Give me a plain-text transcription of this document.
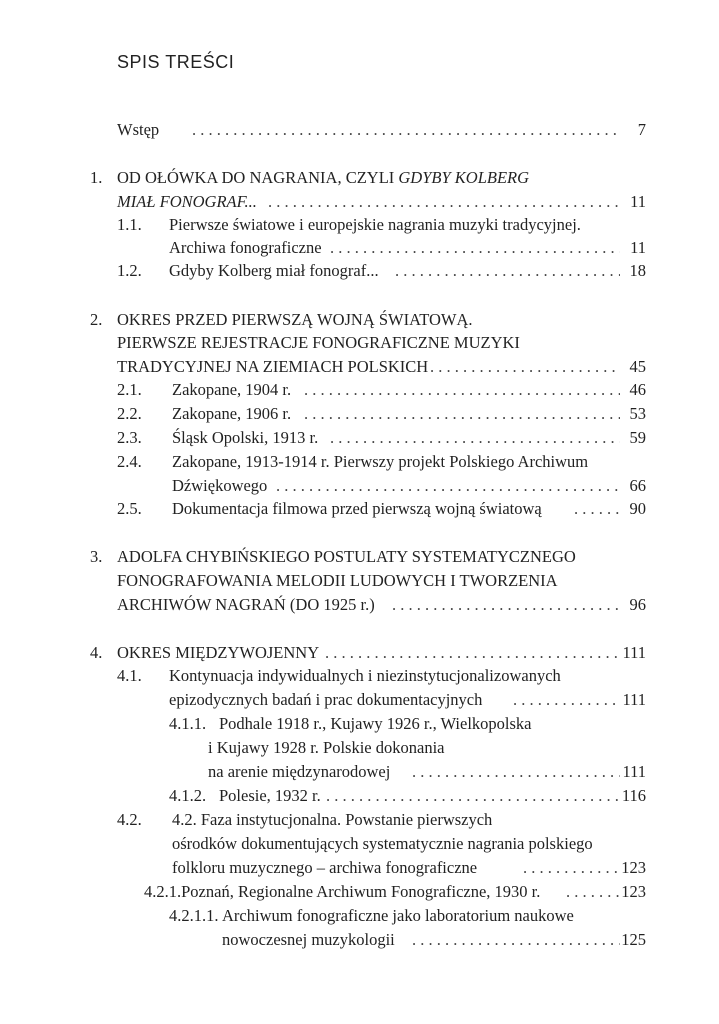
SPIS TREŚCI
Wstęp . . .	7
1. OD OŁÓWKA DO NAGRANIA, CZYLI GDYBY KOLBERG
MIAŁ FONOGRAF... . . .	11
1.1. Pierwsze światowe i europejskie nagrania muzyki tradycyjnej.
Archiwa fonograficzne . . .	11
1.2. Gdyby Kolberg miał fonograf... . . .	18
2. OKRES PRZED PIERWSZĄ WOJNĄ ŚWIATOWĄ.
PIERWSZE REJESTRACJE FONOGRAFICZNE MUZYKI
TRADYCYJNEJ NA ZIEMIACH POLSKICH . . .	45
2.1. Zakopane, 1904 r. . . .	46
2.2. Zakopane, 1906 r. . . .	53
2.3. Śląsk Opolski, 1913 r. . . .	59
2.4. Zakopane, 1913-1914 r. Pierwszy projekt Polskiego Archiwum
Dźwiękowego . . .	66
2.5. Dokumentacja filmowa przed pierwszą wojną światową . . .	90
3. ADOLFA CHYBIŃSKIEGO POSTULATY SYSTEMATYCZNEGO
FONOGRAFOWANIA MELODII LUDOWYCH I TWORZENIA
ARCHIWÓW NAGRAŃ (DO 1925 r.) . . .	96
4. OKRES MIĘDZYWOJENNY . . .	111
4.1. Kontynuacja indywidualnych i niezinstytucjonalizowanych
epizodycznych badań i prac dokumentacyjnych . . .	111
4.1.1. Podhale 1918 r., Kujawy 1926 r., Wielkopolska
i Kujawy 1928 r. Polskie dokonania
na arenie międzynarodowej . . .	111
4.1.2. Polesie, 1932 r. . . .	116
4.2. 4.2. Faza instytucjonalna. Powstanie pierwszych
ośrodków dokumentujących systematycznie nagrania polskiego
folkloru muzycznego – archiwa fonograficzne . . .	123
4.2.1.Poznań, Regionalne Archiwum Fonograficzne, 1930 r. . . .	123
4.2.1.1. Archiwum fonograficzne jako laboratorium naukowe
nowoczesnej muzykologii . . .	125
